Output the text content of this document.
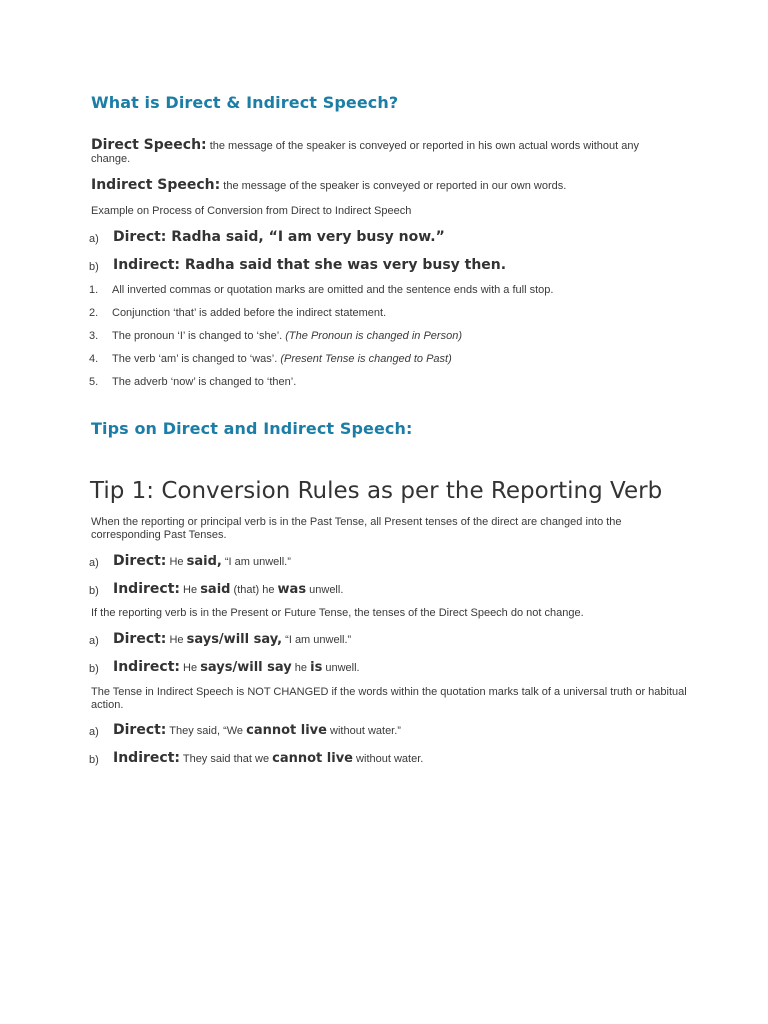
What is Direct & Indirect Speech?

Direct Speech: the message of the speaker is conveyed or reported in his own actual words without any change.

Indirect Speech: the message of the speaker is conveyed or reported in our own words.

Example on Process of Conversion from Direct to Indirect Speech

a) Direct: Radha said, “I am very busy now.”
b) Indirect: Radha said that she was very busy then.
1. All inverted commas or quotation marks are omitted and the sentence ends with a full stop.
2. Conjunction ‘that’ is added before the indirect statement.
3. The pronoun ‘I’ is changed to ‘she’. (The Pronoun is changed in Person)
4. The verb ‘am’ is changed to ‘was’. (Present Tense is changed to Past)
5. The adverb ‘now’ is changed to ‘then’.
Tips on Direct and Indirect Speech:
Tip 1: Conversion Rules as per the Reporting Verb

When the reporting or principal verb is in the Past Tense, all Present tenses of the direct are changed into the corresponding Past Tenses.

a) Direct: He said, “I am unwell.”
b) Indirect: He said (that) he was unwell.

If the reporting verb is in the Present or Future Tense, the tenses of the Direct Speech do not change.

a) Direct: He says/will say, “I am unwell.”
b) Indirect: He says/will say he is unwell.

The Tense in Indirect Speech is NOT CHANGED if the words within the quotation marks talk of a universal truth or habitual action.

a) Direct: They said, “We cannot live without water.”
b) Indirect: They said that we cannot live without water.
